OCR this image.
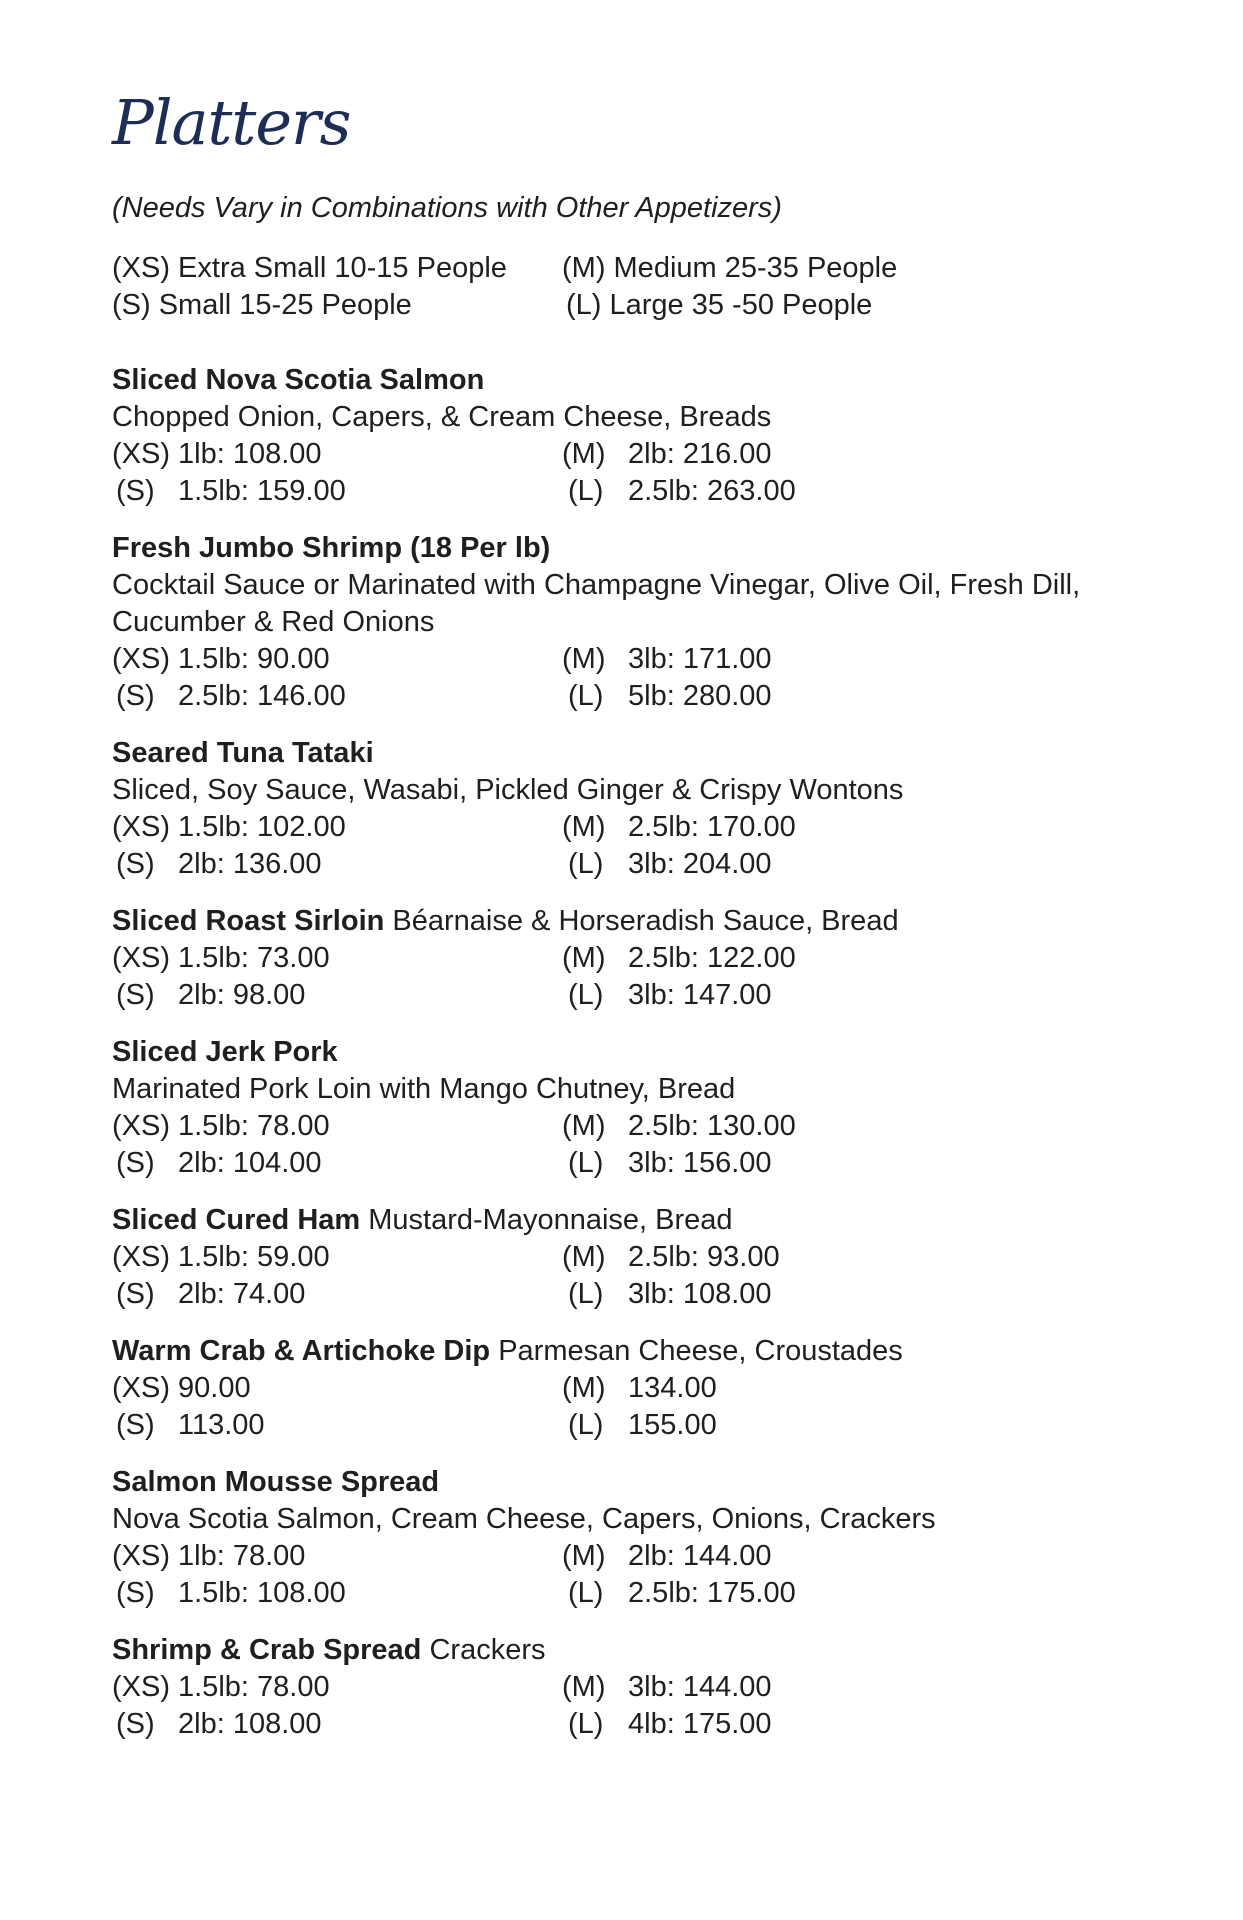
Platters
(Needs Vary in Combinations with Other Appetizers)
(XS) Extra Small 10-15 People	(M) Medium 25-35 People
(S) Small 15-25 People	(L) Large 35 -50 People
Sliced Nova Scotia Salmon
Chopped Onion, Capers, & Cream Cheese, Breads
(XS) 1lb: 108.00	(M) 2lb: 216.00
(S) 1.5lb: 159.00	(L) 2.5lb: 263.00
Fresh Jumbo Shrimp (18 Per lb)
Cocktail Sauce or Marinated with Champagne Vinegar, Olive Oil, Fresh Dill, Cucumber & Red Onions
(XS) 1.5lb: 90.00	(M) 3lb: 171.00
(S) 2.5lb: 146.00	(L) 5lb: 280.00
Seared Tuna Tataki
Sliced, Soy Sauce, Wasabi, Pickled Ginger & Crispy Wontons
(XS) 1.5lb: 102.00	(M) 2.5lb: 170.00
(S) 2lb: 136.00	(L) 3lb: 204.00
Sliced Roast Sirloin Béarnaise & Horseradish Sauce, Bread
(XS) 1.5lb: 73.00	(M) 2.5lb: 122.00
(S) 2lb: 98.00	(L) 3lb: 147.00
Sliced Jerk Pork
Marinated Pork Loin with Mango Chutney, Bread
(XS) 1.5lb: 78.00	(M) 2.5lb: 130.00
(S) 2lb: 104.00	(L) 3lb: 156.00
Sliced Cured Ham Mustard-Mayonnaise, Bread
(XS) 1.5lb: 59.00	(M) 2.5lb: 93.00
(S) 2lb: 74.00	(L) 3lb: 108.00
Warm Crab & Artichoke Dip Parmesan Cheese, Croustades
(XS) 90.00	(M) 134.00
(S) 113.00	(L) 155.00
Salmon Mousse Spread
Nova Scotia Salmon, Cream Cheese, Capers, Onions, Crackers
(XS) 1lb: 78.00	(M) 2lb: 144.00
(S) 1.5lb: 108.00	(L) 2.5lb: 175.00
Shrimp & Crab Spread Crackers
(XS) 1.5lb: 78.00	(M) 3lb: 144.00
(S) 2lb: 108.00	(L) 4lb: 175.00
